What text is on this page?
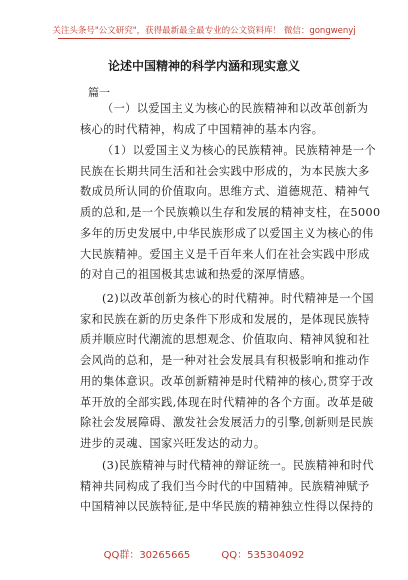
关注头条号"公文研究"，获得最新最全最专业的公文资料库！ 微信：gongwenyj
论述中国精神的科学内涵和现实意义
篇一
（一）以爱国主义为核心的民族精神和以改革创新为
核心的时代精神，构成了中国精神的基本内容。
（1）以爱国主义为核心的民族精神。民族精神是一个
民族在长期共同生活和社会实践中形成的，为本民族大多
数成员所认同的价值取向。思维方式、道德规范、精神气
质的总和,是一个民族赖以生存和发展的精神支柱，在5000
多年的历史发展中,中华民族形成了以爱国主义为核心的伟
大民族精神。爱国主义是千百年来人们在社会实践中形成
的对自己的祖国极其忠诚和热爱的深厚情感。
(2)以改革创新为核心的时代精神。时代精神是一个国
家和民族在新的历史条件下形成和发展的，是体现民族特
质并顺应时代潮流的思想观念、价值取向、精神风貌和社
会风尚的总和，是一种对社会发展具有积极影响和推动作
用的集体意识。改革创新精神是时代精神的核心,贯穿于改
革开放的全部实践,体现在时代精神的各个方面。改革是破
除社会发展障碍、激发社会发展活力的引擎,创新则是民族
进步的灵魂、国家兴旺发达的动力。
(3)民族精神与时代精神的辩证统一。民族精神和时代
精神共同构成了我们当今时代的中国精神。民族精神赋予
中国精神以民族特征,是中华民族的精神独立性得以保持的
QQ群：30265665	QQ：535304092
